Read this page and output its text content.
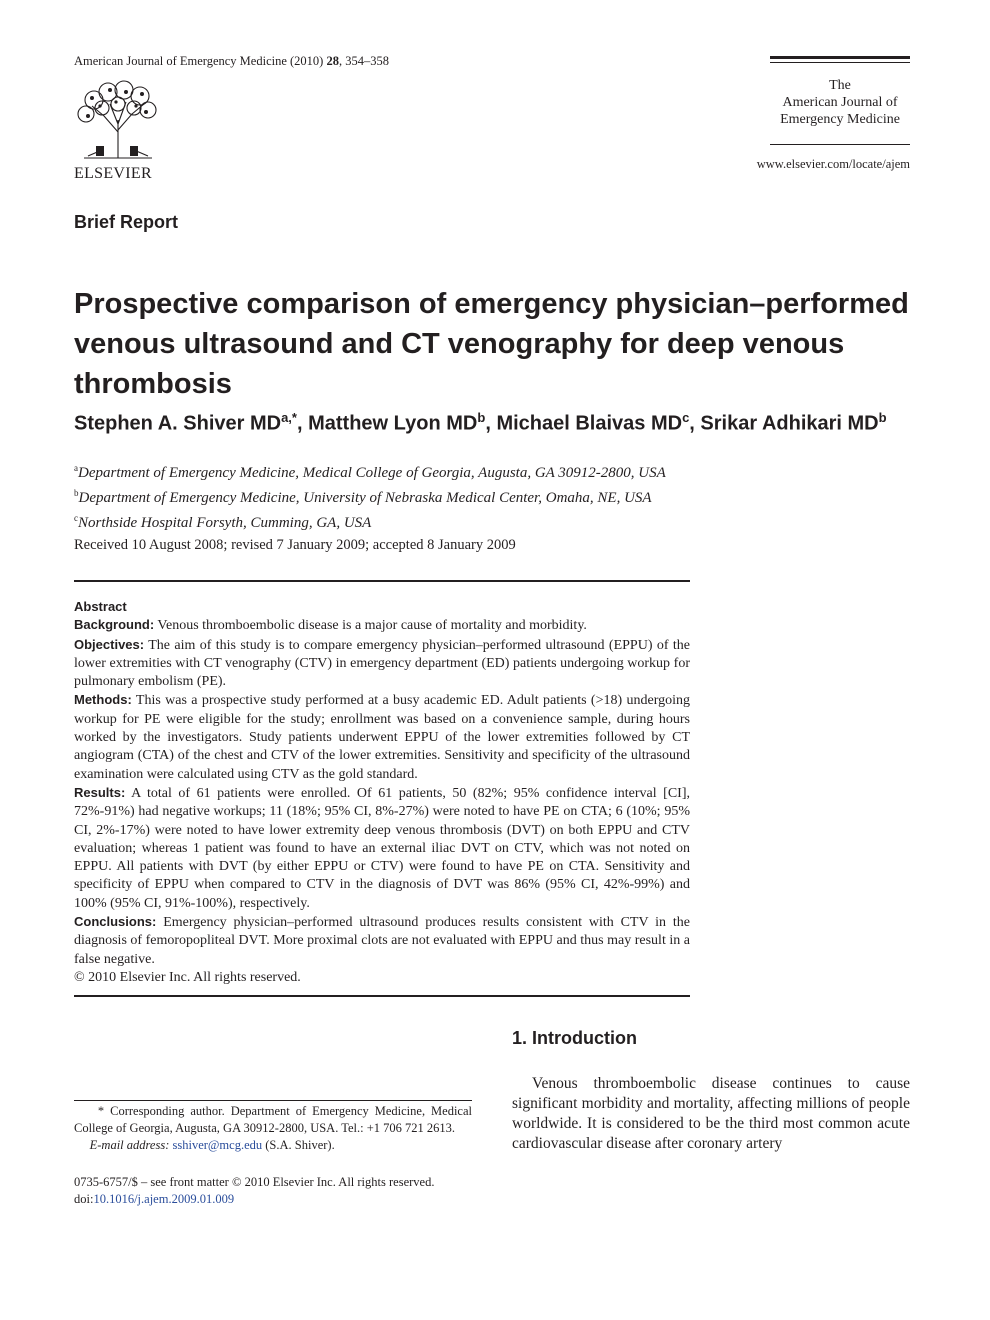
American Journal of Emergency Medicine (2010) 28, 354–358
ELSEVIER
The
American Journal of
Emergency Medicine
www.elsevier.com/locate/ajem
Brief Report
Prospective comparison of emergency physician–performed venous ultrasound and CT venography for deep venous thrombosis
Stephen A. Shiver $MD^{a,*}$, Matthew Lyon $MD^b$, Michael Blaivas $MD^c$, Srikar Adhikari $MD^b$
$^a$Department of Emergency Medicine, Medical College of Georgia, Augusta, GA 30912-2800, USA
$^b$Department of Emergency Medicine, University of Nebraska Medical Center, Omaha, NE, USA
$^c$Northside Hospital Forsyth, Cumming, GA, USA
Received 10 August 2008; revised 7 January 2009; accepted 8 January 2009

Abstract

Background: Venous thromboembolic disease is a major cause of mortality and morbidity.

Objectives: The aim of this study is to compare emergency physician–performed ultrasound (EPPU) of the lower extremities with CT venography (CTV) in emergency department (ED) patients undergoing workup for pulmonary embolism (PE).

Methods: This was a prospective study performed at a busy academic ED. Adult patients (>18) undergoing workup for PE were eligible for the study; enrollment was based on a convenience sample, during hours worked by the investigators. Study patients underwent EPPU of the lower extremities followed by CT angiogram (CTA) of the chest and CTV of the lower extremities. Sensitivity and specificity of the ultrasound examination were calculated using CTV as the gold standard.

Results: A total of 61 patients were enrolled. Of 61 patients, 50 (82%; 95% confidence interval [CI], 72%-91%) had negative workups; 11 (18%; 95% CI, 8%-27%) were noted to have PE on CTA; 6 (10%; 95% CI, 2%-17%) were noted to have lower extremity deep venous thrombosis (DVT) on both EPPU and CTV evaluation; whereas 1 patient was found to have an external iliac DVT on CTV, which was not noted on EPPU. All patients with DVT (by either EPPU or CTV) were found to have PE on CTA. Sensitivity and specificity of EPPU when compared to CTV in the diagnosis of DVT was 86% (95% CI, 42%-99%) and 100% (95% CI, 91%-100%), respectively.

Conclusions: Emergency physician–performed ultrasound produces results consistent with CTV in the diagnosis of femoropopliteal DVT. More proximal clots are not evaluated with EPPU and thus may result in a false negative.

© 2010 Elsevier Inc. All rights reserved.

1. Introduction
Venous thromboembolic disease continues to cause significant morbidity and mortality, affecting millions of people worldwide. It is considered to be the third most common acute cardiovascular disease after coronary artery
* Corresponding author. Department of Emergency Medicine, Medical College of Georgia, Augusta, GA 30912-2800, USA. Tel.: +1 706 721 2613.
E-mail address: sshiver@mcg.edu (S.A. Shiver).
0735-6757/$ – see front matter © 2010 Elsevier Inc. All rights reserved.
doi:10.1016/j.ajem.2009.01.009
